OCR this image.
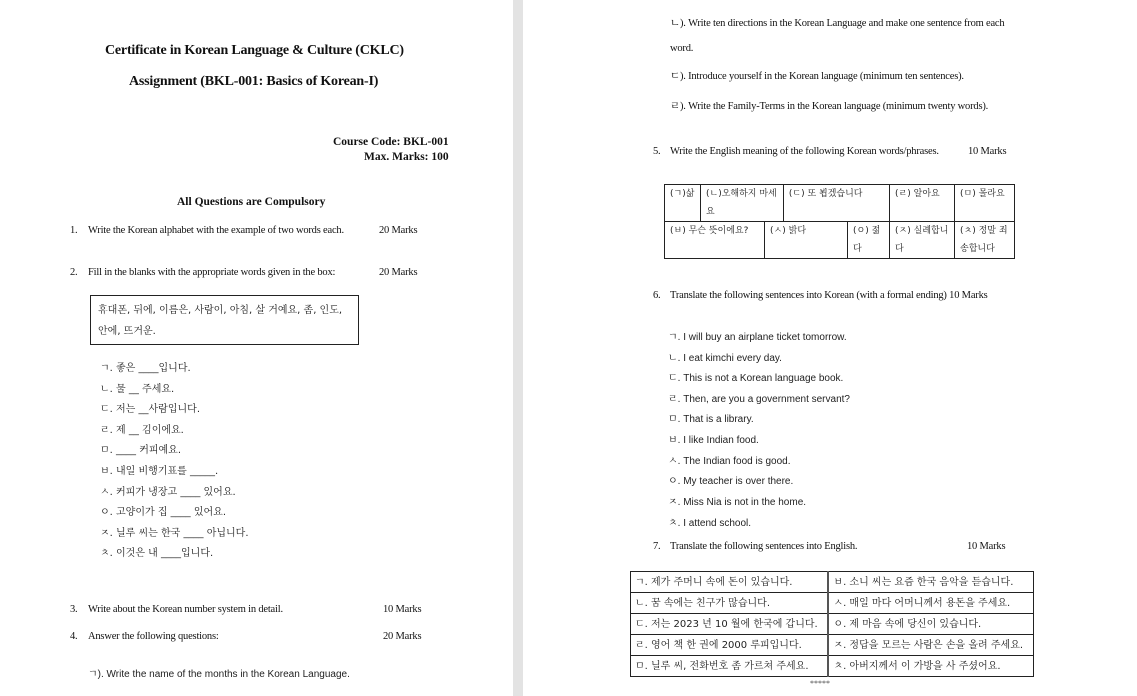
Certificate in Korean Language & Culture (CKLC)
Assignment (BKL-001: Basics of Korean-I)
Course Code: BKL-001
Max. Marks: 100
All Questions are Compulsory
1. Write the Korean alphabet with the example of two words each.	20 Marks
2. Fill in the blanks with the appropriate words given in the box:	20 Marks
휴대폰, 뒤에, 이름은, 사람이, 아침, 살 거예요, 좀, 인도,
안에, 뜨거운.
ㄱ. 좋은 ____입니다.
ㄴ. 물 __ 주세요.
ㄷ. 저는 __사람입니다.
ㄹ. 제 __ 김이에요.
ㅁ. ____ 커피예요.
ㅂ. 내일 비행기표를 _____.
ㅅ. 커피가 냉장고 ____ 있어요.
ㅇ. 고양이가 집 ____ 있어요.
ㅈ. 닐루 씨는 한국 ____ 아닙니다.
ㅊ. 이것은 내 ____입니다.
3. Write about the Korean number system in detail.	10 Marks
4. Answer the following questions:	20 Marks
ㄱ). Write the name of the months in the Korean Language.
ㄴ). Write ten directions in the Korean Language and make one sentence from each
word.
ㄷ). Introduce yourself in the Korean language (minimum ten sentences).
ㄹ). Write the Family-Terms in the Korean language (minimum twenty words).
5. Write the English meaning of the following Korean words/phrases.	10 Marks
(ㄱ)삶	(ㄴ)오해하지 마세요		(ㄷ) 또 뵙겠습니다		(ㄹ) 알아요	(ㅁ) 몰라요
(ㅂ) 무슨 뜻이에요?		(ㅅ) 밝다		(ㅇ) 젊다	(ㅈ) 실례합니다	(ㅊ) 정말 죄송합니다
6. Translate the following sentences into Korean (with a formal ending) 10 Marks
ㄱ. I will buy an airplane ticket tomorrow.
ㄴ. I eat kimchi every day.
ㄷ. This is not a Korean language book.
ㄹ. Then, are you a government servant?
ㅁ. That is a library.
ㅂ. I like Indian food.
ㅅ. The Indian food is good.
ㅇ. My teacher is over there.
ㅈ. Miss Nia is not in the home.
ㅊ. I attend school.
7. Translate the following sentences into English.	10 Marks
ㄱ. 제가 주머니 속에 돈이 있습니다.	ㅂ. 소니 씨는 요즘 한국 음악을 듣습니다.
ㄴ. 꿈 속에는 친구가 많습니다.	ㅅ. 매일 마다 어머니께서 용돈을 주세요.
ㄷ. 저는 2023 년 10 월에 한국에 갑니다.	ㅇ. 제 마음 속에 당신이 있습니다.
ㄹ. 영어 책 한 권에 2000 루피입니다.	ㅈ. 정답을 모르는 사람은 손을 올려 주세요.
ㅁ. 닐루 씨, 전화번호 좀 가르쳐 주세요.	ㅊ. 아버지께서 이 가방을 사 주셨어요.
*****
